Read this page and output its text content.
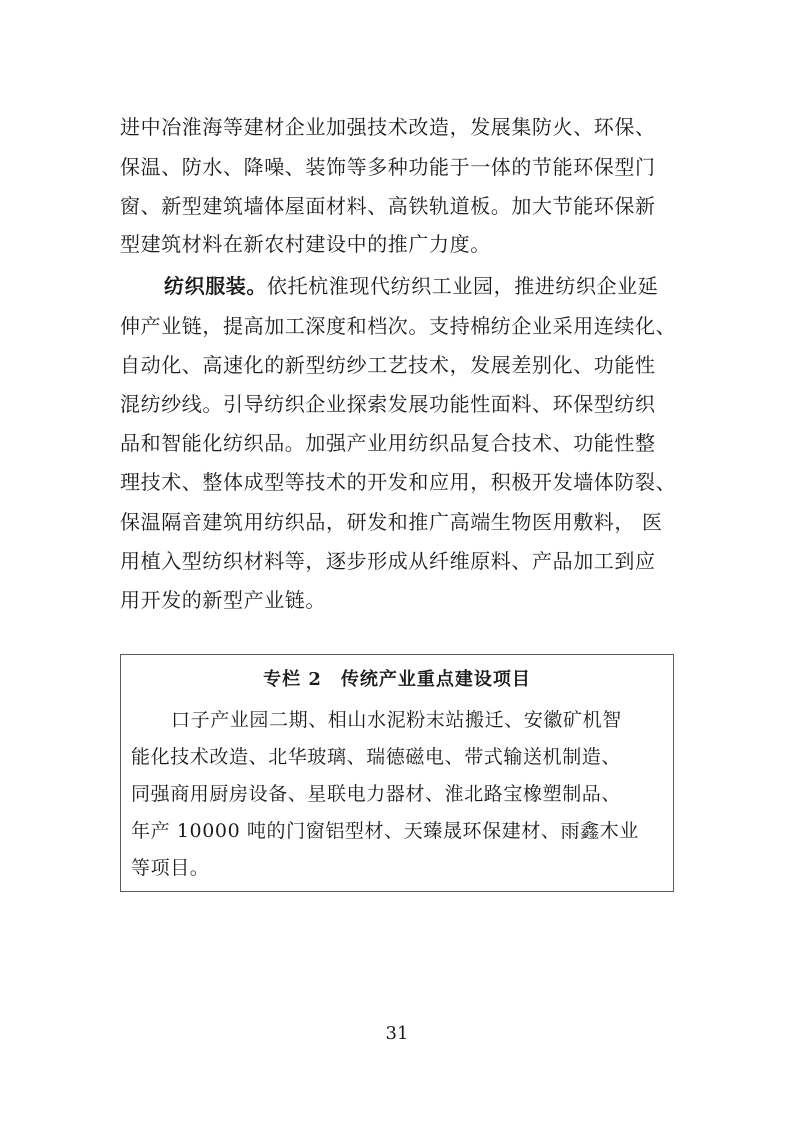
进中冶淮海等建材企业加强技术改造，发展集防火、环保、
保温、防水、降噪、装饰等多种功能于一体的节能环保型门
窗、新型建筑墙体屋面材料、高铁轨道板。加大节能环保新
型建筑材料在新农村建设中的推广力度。
纺织服装。依托杭淮现代纺织工业园，推进纺织企业延
伸产业链，提高加工深度和档次。支持棉纺企业采用连续化、
自动化、高速化的新型纺纱工艺技术，发展差别化、功能性
混纺纱线。引导纺织企业探索发展功能性面料、环保型纺织
品和智能化纺织品。加强产业用纺织品复合技术、功能性整
理技术、整体成型等技术的开发和应用，积极开发墙体防裂、
保温隔音建筑用纺织品，研发和推广高端生物医用敷料， 医
用植入型纺织材料等，逐步形成从纤维原料、产品加工到应
用开发的新型产业链。
专栏 2　传统产业重点建设项目
口子产业园二期、相山水泥粉末站搬迁、安徽矿机智
能化技术改造、北华玻璃、瑞德磁电、带式输送机制造、
同强商用厨房设备、星联电力器材、淮北路宝橡塑制品、
年产 10000 吨的门窗铝型材、天臻晟环保建材、雨鑫木业
等项目。
31
